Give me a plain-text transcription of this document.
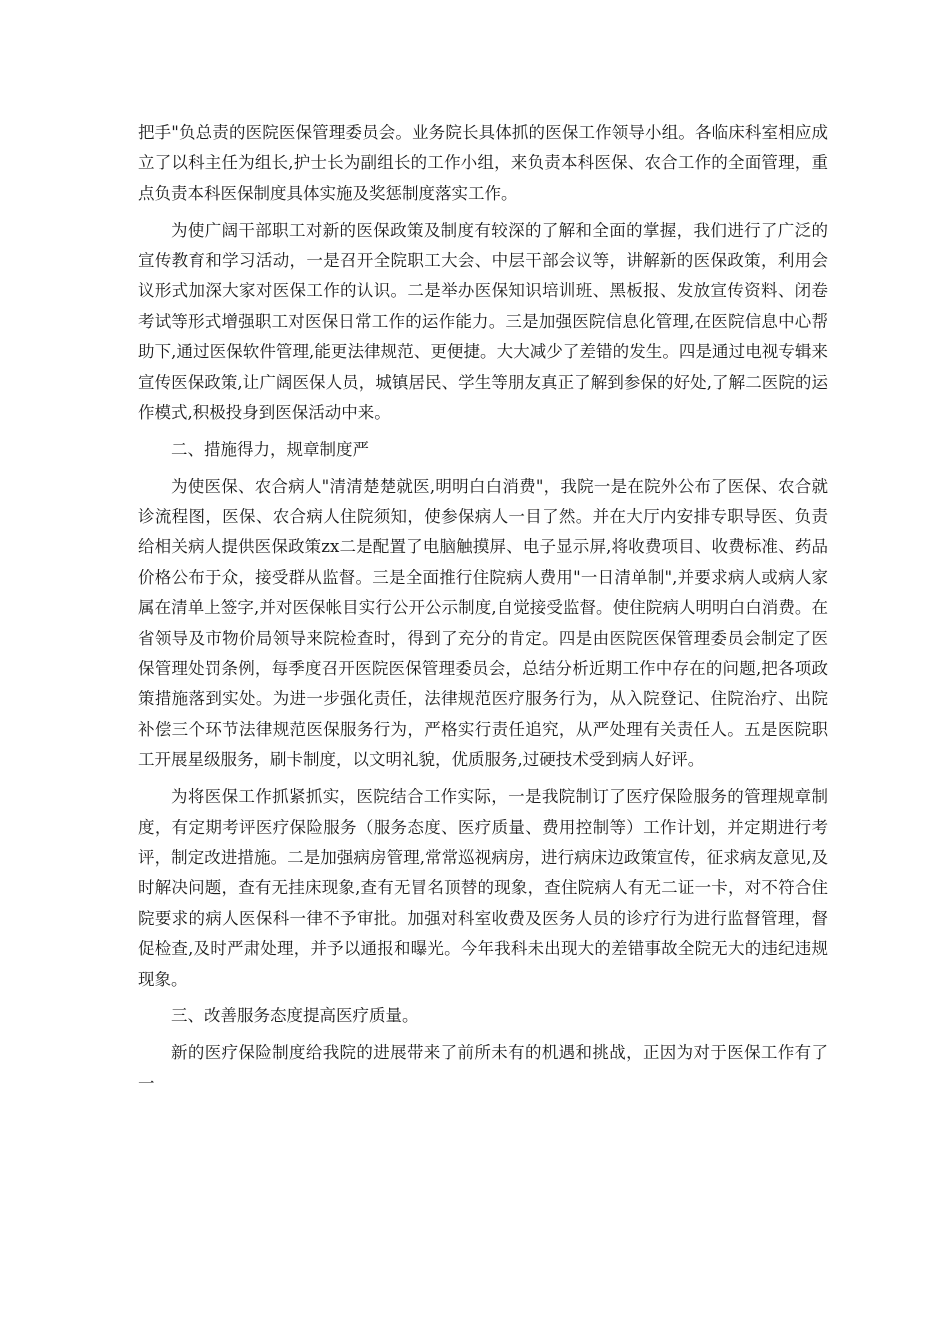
把手"负总责的医院医保管理委员会。业务院长具体抓的医保工作领导小组。各临床科室相应成立了以科主任为组长,护士长为副组长的工作小组，来负责本科医保、农合工作的全面管理，重点负责本科医保制度具体实施及奖惩制度落实工作。

为使广阔干部职工对新的医保政策及制度有较深的了解和全面的掌握，我们进行了广泛的宣传教育和学习活动，一是召开全院职工大会、中层干部会议等，讲解新的医保政策，利用会议形式加深大家对医保工作的认识。二是举办医保知识培训班、黑板报、发放宣传资料、闭卷考试等形式增强职工对医保日常工作的运作能力。三是加强医院信息化管理,在医院信息中心帮助下,通过医保软件管理,能更法律规范、更便捷。大大减少了差错的发生。四是通过电视专辑来宣传医保政策,让广阔医保人员，城镇居民、学生等朋友真正了解到参保的好处,了解二医院的运作模式,积极投身到医保活动中来。

二、措施得力，规章制度严

为使医保、农合病人"清清楚楚就医,明明白白消费"，我院一是在院外公布了医保、农合就诊流程图，医保、农合病人住院须知，使参保病人一目了然。并在大厅内安排专职导医、负责给相关病人提供医保政策zx二是配置了电脑触摸屏、电子显示屏,将收费项目、收费标准、药品价格公布于众，接受群从监督。三是全面推行住院病人费用"一日清单制",并要求病人或病人家属在清单上签字,并对医保帐目实行公开公示制度,自觉接受监督。使住院病人明明白白消费。在省领导及市物价局领导来院检查时，得到了充分的肯定。四是由医院医保管理委员会制定了医保管理处罚条例，每季度召开医院医保管理委员会，总结分析近期工作中存在的问题,把各项政策措施落到实处。为进一步强化责任，法律规范医疗服务行为，从入院登记、住院治疗、出院补偿三个环节法律规范医保服务行为，严格实行责任追究，从严处理有关责任人。五是医院职工开展星级服务，刷卡制度，以文明礼貌，优质服务,过硬技术受到病人好评。

为将医保工作抓紧抓实，医院结合工作实际，一是我院制订了医疗保险服务的管理规章制度，有定期考评医疗保险服务（服务态度、医疗质量、费用控制等）工作计划，并定期进行考评，制定改进措施。二是加强病房管理,常常巡视病房，进行病床边政策宣传，征求病友意见,及时解决问题，查有无挂床现象,查有无冒名顶替的现象，查住院病人有无二证一卡，对不符合住院要求的病人医保科一律不予审批。加强对科室收费及医务人员的诊疗行为进行监督管理，督促检查,及时严肃处理，并予以通报和曝光。今年我科未出现大的差错事故全院无大的违纪违规现象。

三、改善服务态度提高医疗质量。

新的医疗保险制度给我院的进展带来了前所未有的机遇和挑战，正因为对于医保工作有了一
